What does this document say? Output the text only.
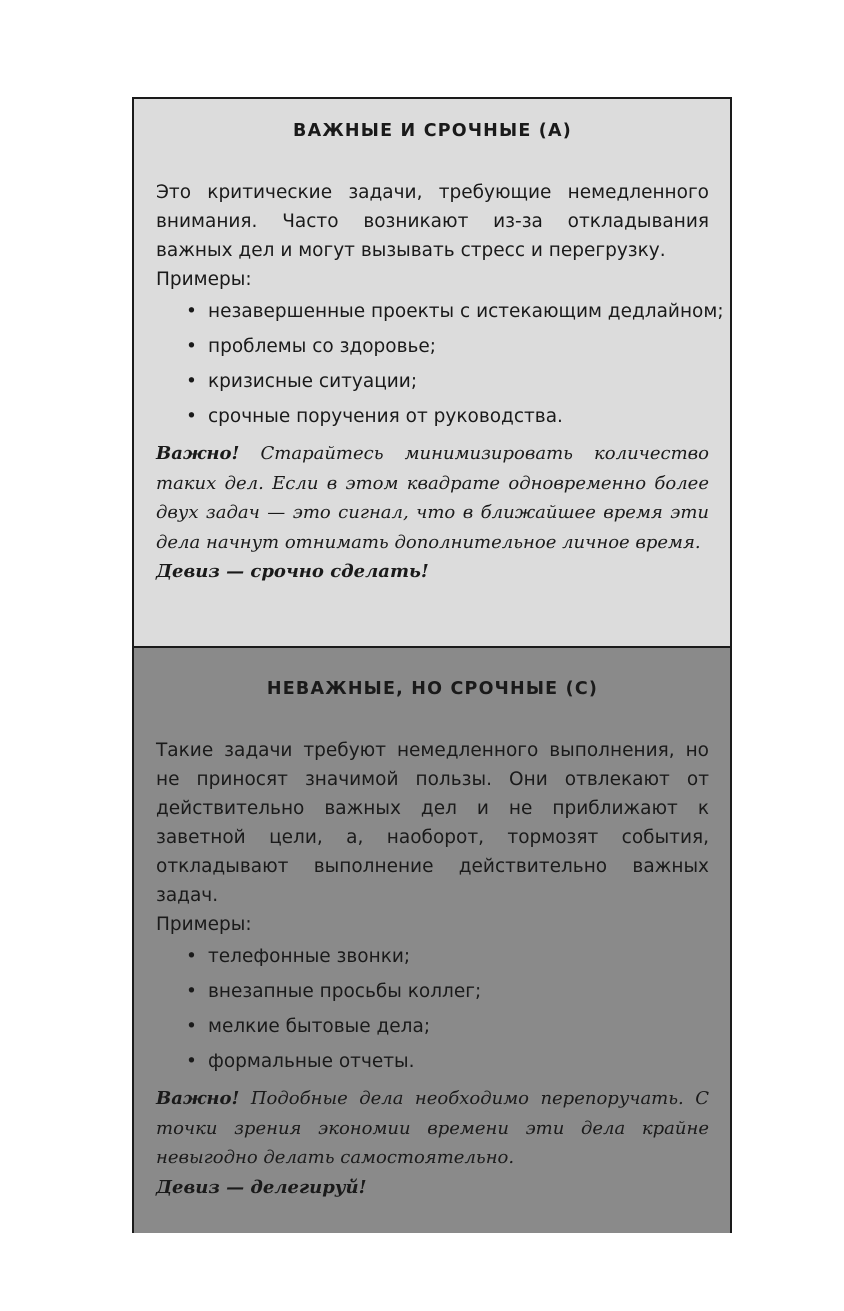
ВАЖНЫЕ И СРОЧНЫЕ (А)

Это критические задачи, требующие немедленного внимания. Часто возникают из-за откладывания важных дел и могут вызывать стресс и перегрузку.

Примеры:

• незавершенные проекты с истекающим дедлайном;
• проблемы со здоровье;
• кризисные ситуации;
• срочные поручения от руководства.

Важно! Старайтесь минимизировать количество таких дел. Если в этом квадрате одновременно более двух задач — это сигнал, что в ближайшее время эти дела начнут отнимать дополнительное личное время.

Девиз — срочно сделать!

НЕВАЖНЫЕ, НО СРОЧНЫЕ (С)

Такие задачи требуют немедленного выполнения, но не приносят значимой пользы. Они отвлекают от действительно важных дел и не приближают к заветной цели, а, наоборот, тормозят события, откладывают выполнение действительно важных задач.

Примеры:

• телефонные звонки;
• внезапные просьбы коллег;
• мелкие бытовые дела;
• формальные отчеты.

Важно! Подобные дела необходимо перепоручать. С точки зрения экономии времени эти дела крайне невыгодно делать самостоятельно.

Девиз — делегируй!
